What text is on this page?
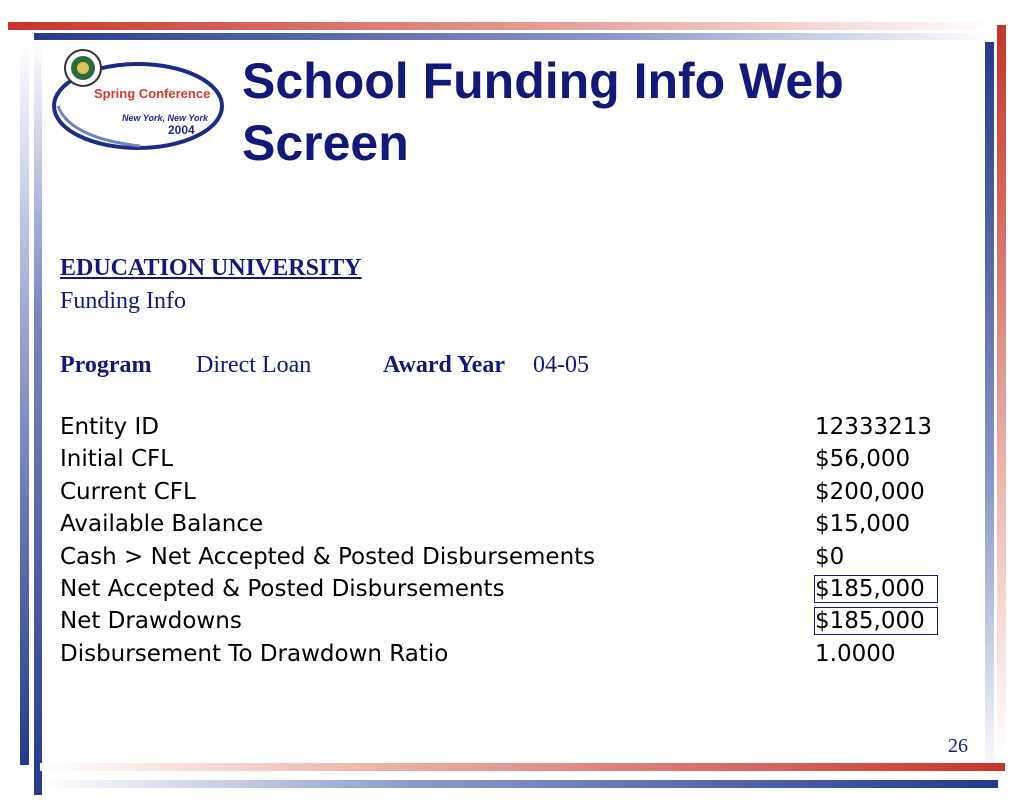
Spring Conference
New York, New York
2004
School Funding Info Web Screen
EDUCATION UNIVERSITY
Funding Info
Program Direct Loan	Award Year 04-05
Entity ID	12333213
Initial CFL	$56,000
Current CFL	$200,000
Available Balance	$15,000
Cash > Net Accepted & Posted Disbursements	$0
Net Accepted & Posted Disbursements	$185,000
Net Drawdowns	$185,000
Disbursement To Drawdown Ratio	1.0000
26
